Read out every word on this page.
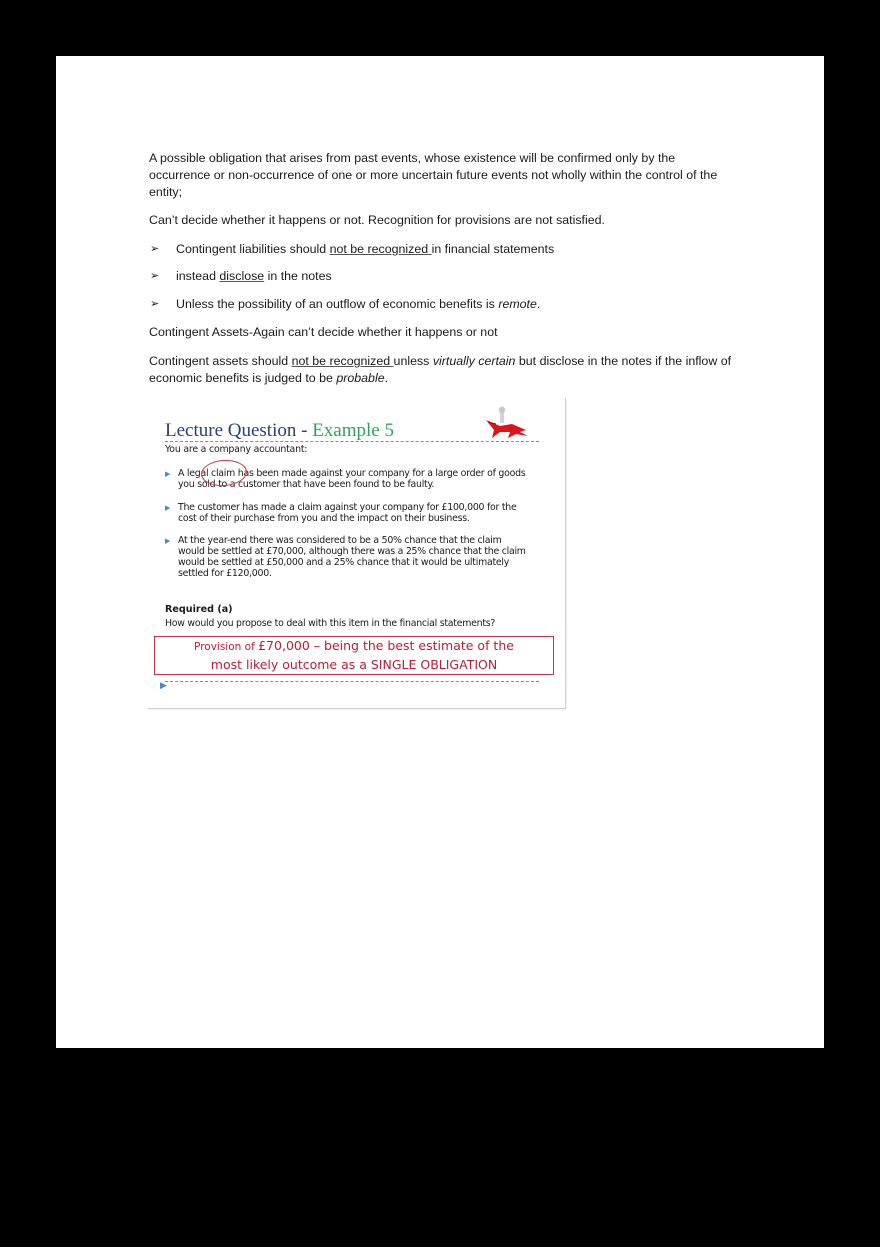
A possible obligation that arises from past events, whose existence will be confirmed only by the occurrence or non-occurrence of one or more uncertain future events not wholly within the control of the entity;

Can’t decide whether it happens or not. Recognition for provisions are not satisfied.

➢ Contingent liabilities should not be recognized in financial statements
➢ instead disclose in the notes
➢ Unless the possibility of an outflow of economic benefits is remote.

Contingent Assets-Again can’t decide whether it happens or not

Contingent assets should not be recognized unless virtually certain but disclose in the notes if the inflow of economic benefits is judged to be probable.

Lecture Question - Example 5
You are a company accountant:
▶ A legal claim has been made against your company for a large order of goods you sold to a customer that have been found to be faulty.
▶ The customer has made a claim against your company for £100,000 for the cost of their purchase from you and the impact on their business.
▶ At the year-end there was considered to be a 50% chance that the claim would be settled at £70,000, although there was a 25% chance that the claim would be settled at £50,000 and a 25% chance that it would be ultimately settled for £120,000.
Required (a)
How would you propose to deal with this item in the financial statements?
Provision of £70,000 – being the best estimate of the
most likely outcome as a SINGLE OBLIGATION
▶
